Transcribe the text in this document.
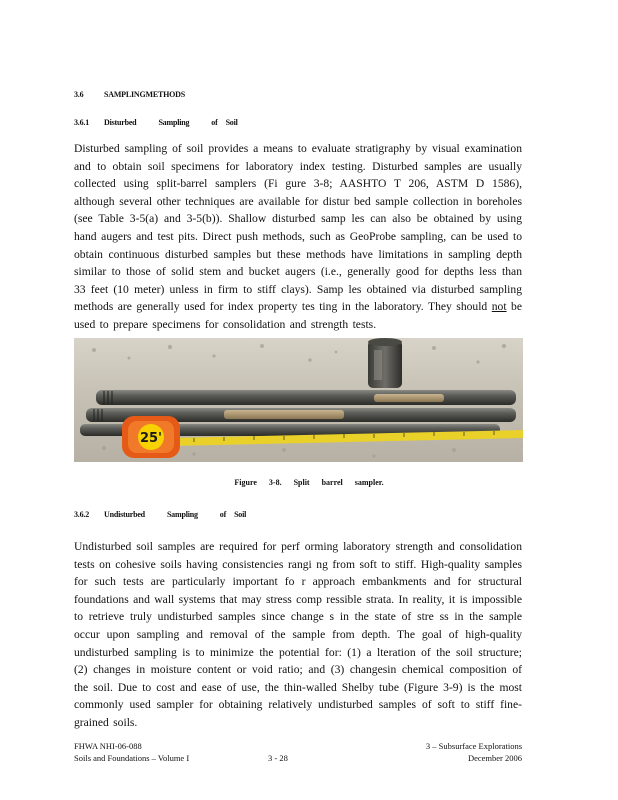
3.6	SAMPLINGMETHODS
3.6.1 Disturbed	Sampling	of Soil
Disturbed sampling of soil provides a means to evaluate stratigraphy by visual examination and to obtain soil specimens for laboratory index testing. Disturbed samples are usually collected using split-barrel samplers (Fi gure 3-8; AASHTO T 206, ASTM D 1586), although several other techniques are available for distur bed sample collection in boreholes (see Table 3-5(a) and 3-5(b)). Shallow disturbed samp les can also be obtained by using hand augers and test pits. Direct push methods, such as GeoProbe sampling, can be used to obtain continuous disturbed samples but these methods have limitations in sampling depth similar to those of solid stem and bucket augers (i.e., generally good for depths less than 33 feet (10 meter) unless in firm to stiff clays). Samp les obtained via disturbed sampling methods are generally used for index property tes ting in the laboratory. They should not be used to prepare specimens for consolidation and strength tests.
25'
Figure 3-8. Split barrel sampler.
3.6.2 Undisturbed	Sampling	of Soil
Undisturbed soil samples are required for perf orming laboratory strength and consolidation tests on cohesive soils having consistencies rangi ng from soft to stiff. High-quality samples for such tests are particularly important fo r approach embankments and for structural foundations and wall systems that may stress comp ressible strata. In reality, it is impossible to retrieve truly undisturbed samples since change s in the state of stre ss in the sample occur upon sampling and removal of the sample from depth. The goal of high-quality undisturbed sampling is to minimize the potential for: (1) a lteration of the soil structure; (2) changes in moisture content or void ratio; and (3) changesin chemical composition of the soil. Due to cost and ease of use, the thin-walled Shelby tube (Figure 3-9) is the most commonly used sampler for obtaining relatively undisturbed samples of soft to stiff fine-grained soils.
FHWA NHI-06-088
Soils and Foundations – Volume I	3 - 28
3 – Subsurface Explorations
December 2006
